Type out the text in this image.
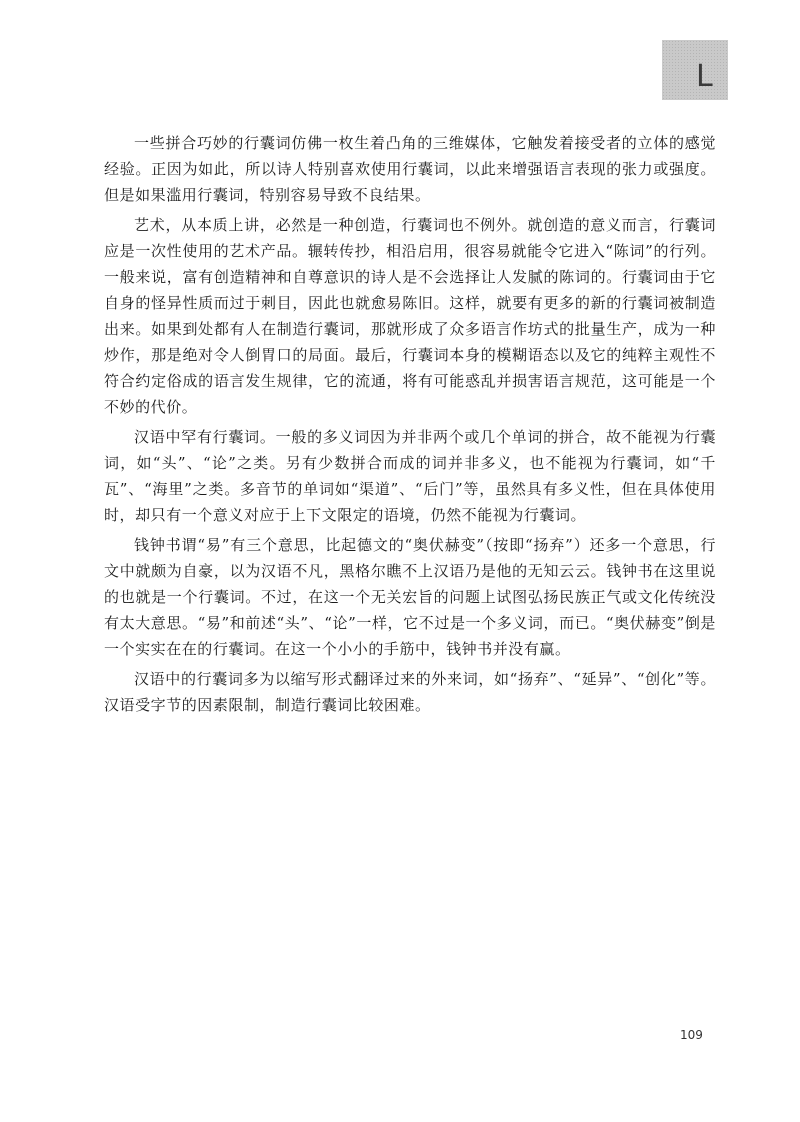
L

一些拼合巧妙的行囊词仿佛一枚生着凸角的三维媒体，它触发着接受者的立体的感觉经验。正因为如此，所以诗人特别喜欢使用行囊词，以此来增强语言表现的张力或强度。但是如果滥用行囊词，特别容易导致不良结果。

艺术，从本质上讲，必然是一种创造，行囊词也不例外。就创造的意义而言，行囊词应是一次性使用的艺术产品。辗转传抄，相沿启用，很容易就能令它进入“陈词”的行列。一般来说，富有创造精神和自尊意识的诗人是不会选择让人发腻的陈词的。行囊词由于它自身的怪异性质而过于刺目，因此也就愈易陈旧。这样，就要有更多的新的行囊词被制造出来。如果到处都有人在制造行囊词，那就形成了众多语言作坊式的批量生产，成为一种炒作，那是绝对令人倒胃口的局面。最后，行囊词本身的模糊语态以及它的纯粹主观性不符合约定俗成的语言发生规律，它的流通，将有可能惑乱并损害语言规范，这可能是一个不妙的代价。

汉语中罕有行囊词。一般的多义词因为并非两个或几个单词的拼合，故不能视为行囊词，如“头”、“论”之类。另有少数拼合而成的词并非多义，也不能视为行囊词，如“千瓦”、“海里”之类。多音节的单词如“渠道”、“后门”等，虽然具有多义性，但在具体使用时，却只有一个意义对应于上下文限定的语境，仍然不能视为行囊词。

钱钟书谓“易”有三个意思，比起德文的“奥伏赫变”（按即“扬弃”）还多一个意思，行文中就颇为自豪，以为汉语不凡，黑格尔瞧不上汉语乃是他的无知云云。钱钟书在这里说的也就是一个行囊词。不过，在这一个无关宏旨的问题上试图弘扬民族正气或文化传统没有太大意思。“易”和前述“头”、“论”一样，它不过是一个多义词，而已。“奥伏赫变”倒是一个实实在在的行囊词。在这一个小小的手筋中，钱钟书并没有赢。

汉语中的行囊词多为以缩写形式翻译过来的外来词，如“扬弃”、“延异”、“创化”等。汉语受字节的因素限制，制造行囊词比较困难。

109
